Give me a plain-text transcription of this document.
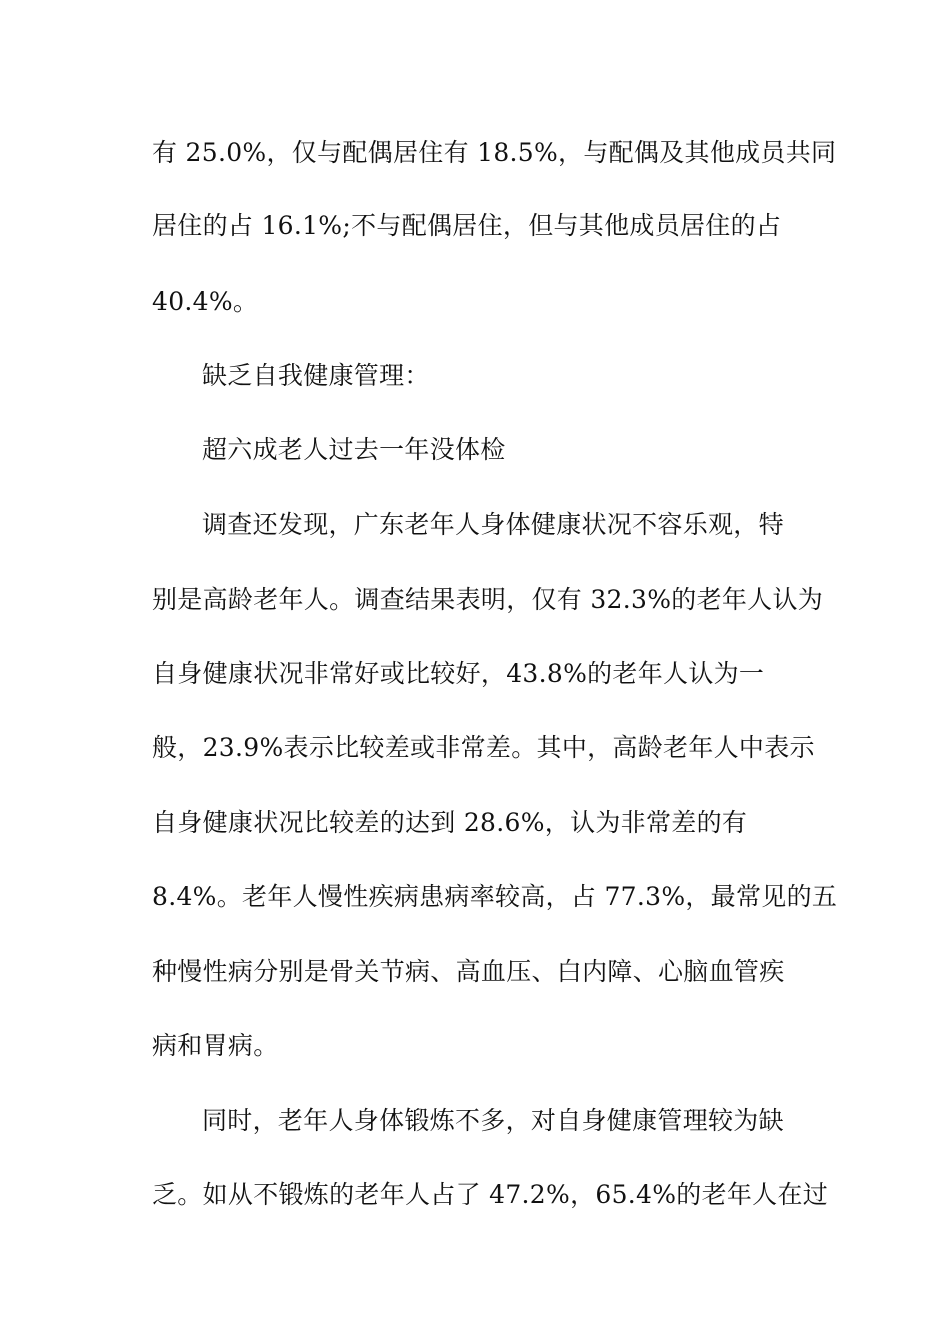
有 25.0%，仅与配偶居住有 18.5%，与配偶及其他成员共同
居住的占 16.1%;不与配偶居住，但与其他成员居住的占
40.4%。
缺乏自我健康管理：
超六成老人过去一年没体检
调查还发现，广东老年人身体健康状况不容乐观，特
别是高龄老年人。调查结果表明，仅有 32.3%的老年人认为
自身健康状况非常好或比较好，43.8%的老年人认为一
般，23.9%表示比较差或非常差。其中，高龄老年人中表示
自身健康状况比较差的达到 28.6%，认为非常差的有
8.4%。老年人慢性疾病患病率较高，占 77.3%，最常见的五
种慢性病分别是骨关节病、高血压、白内障、心脑血管疾
病和胃病。
同时，老年人身体锻炼不多，对自身健康管理较为缺
乏。如从不锻炼的老年人占了 47.2%，65.4%的老年人在过
